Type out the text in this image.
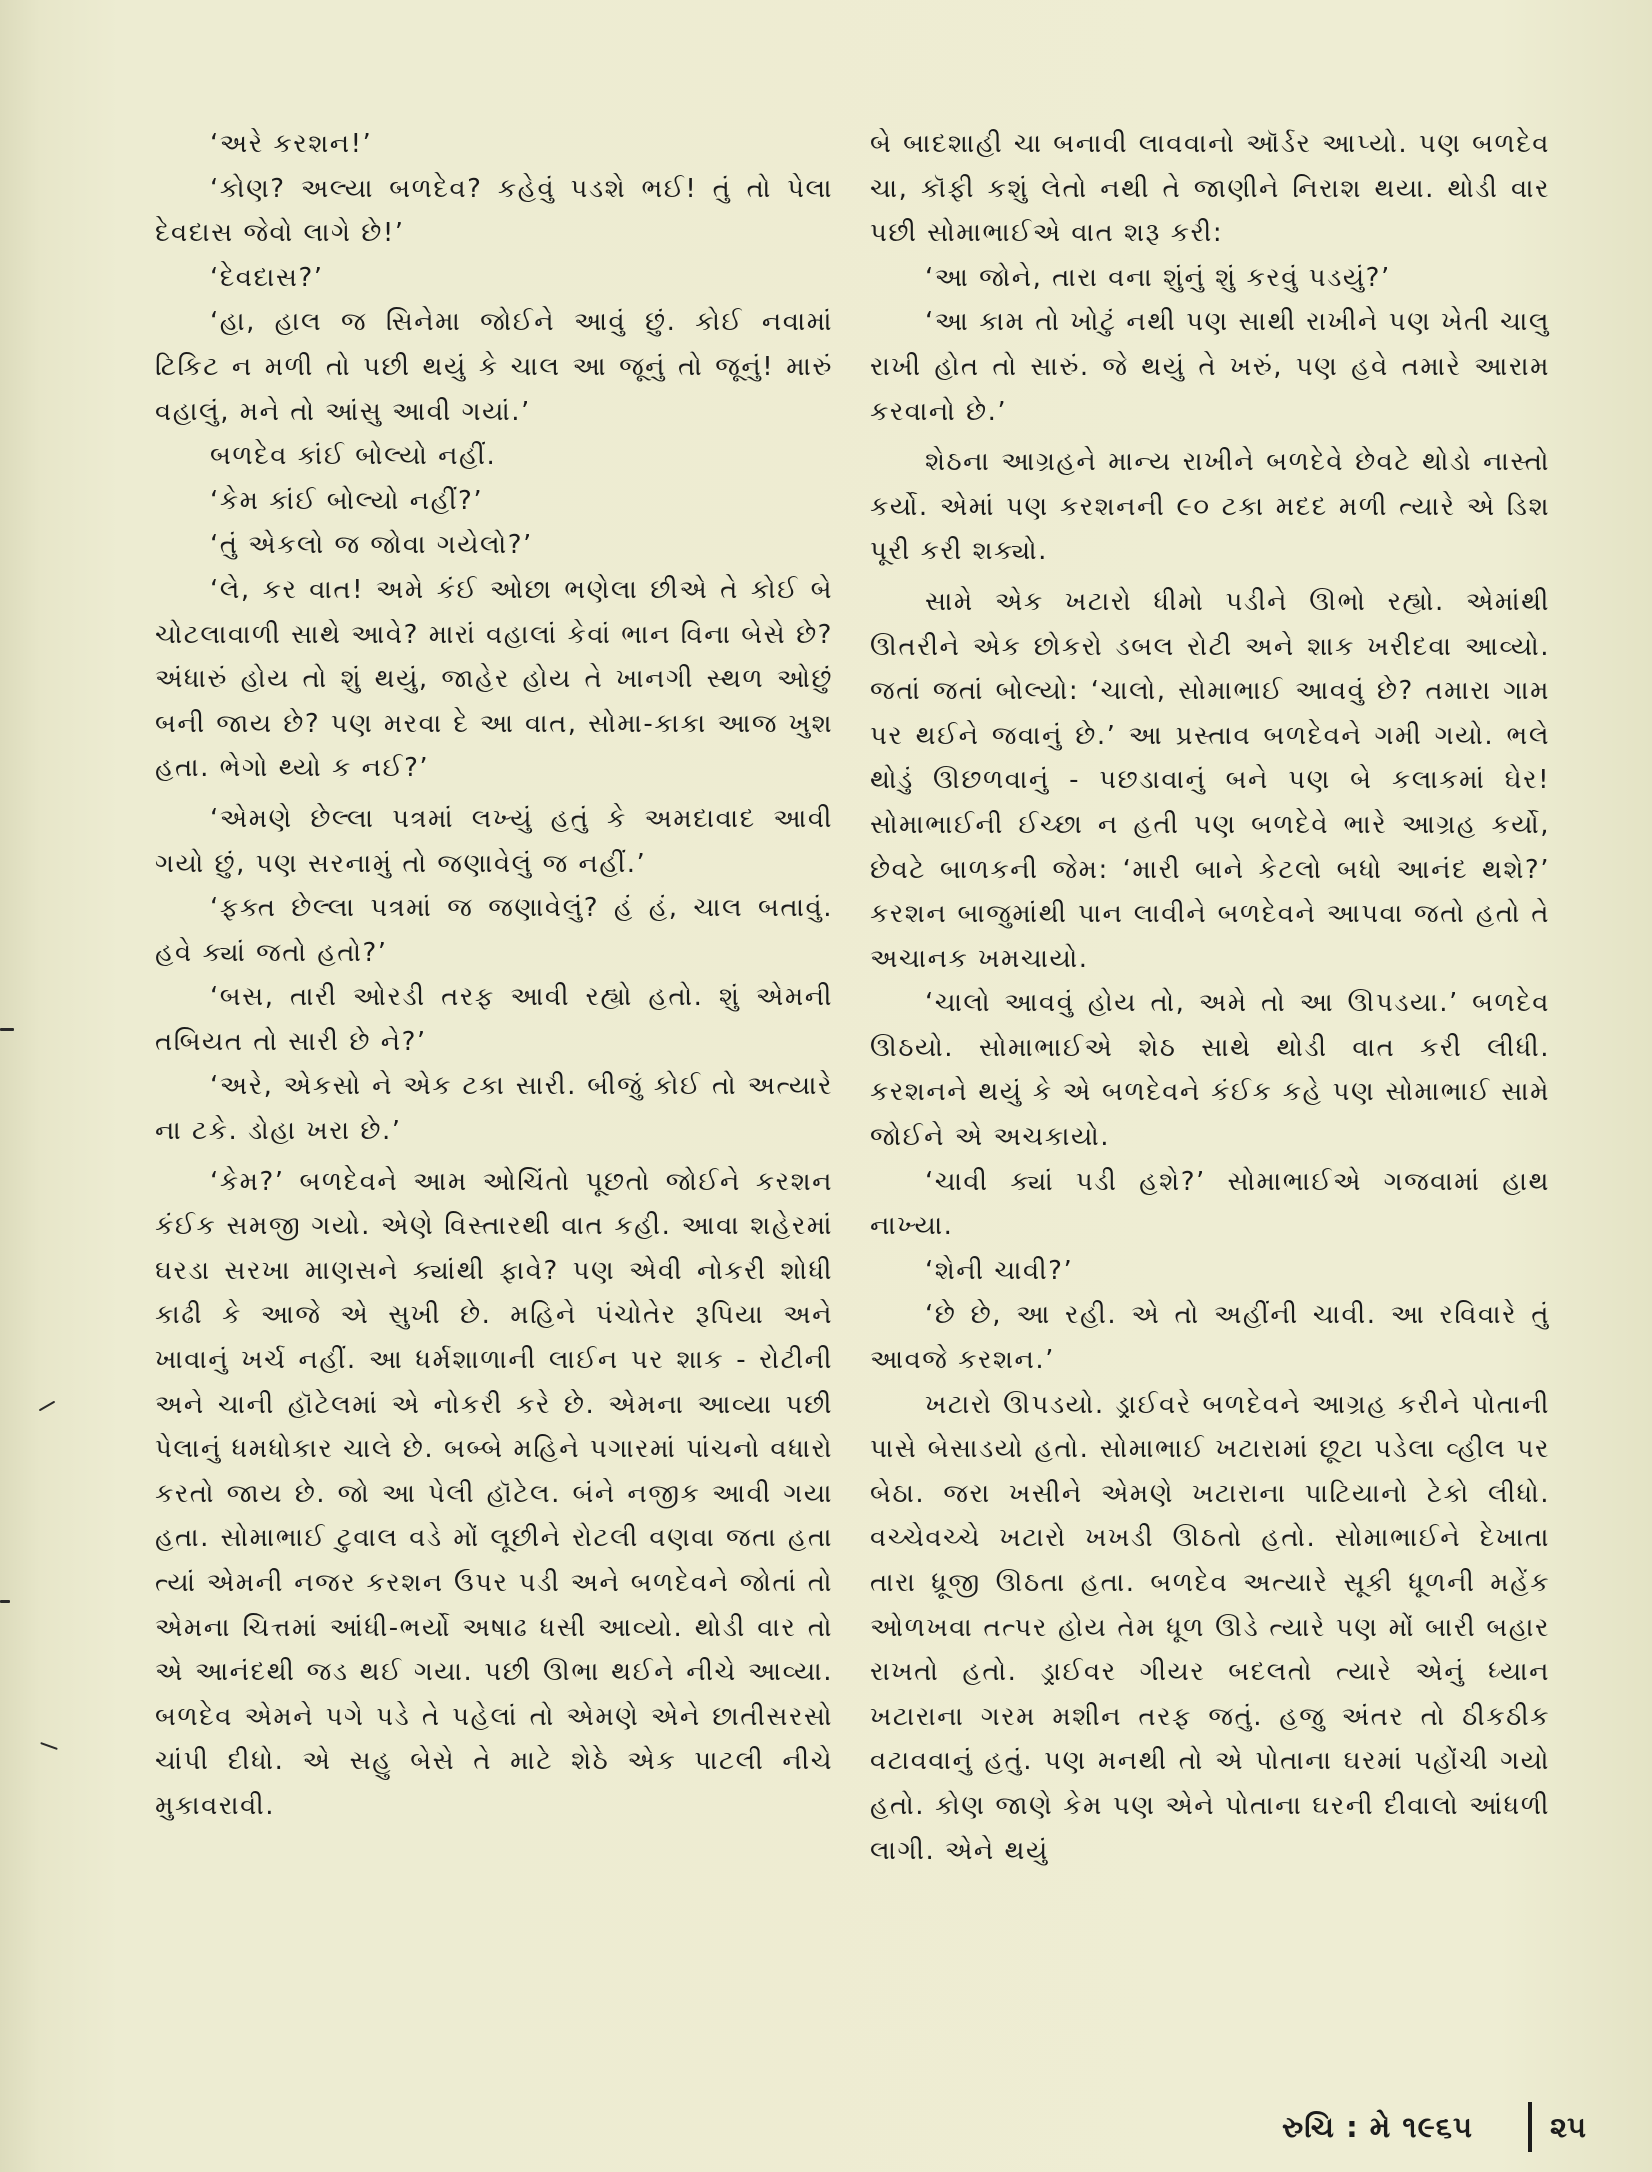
‘અરે કરશન!’

‘કોણ? અલ્યા બળદેવ? કહેવું પડશે ભઈ! તું તો પેલા દેવદાસ જેવો લાગે છે!’

‘દેવદાસ?’

‘હા, હાલ જ સિનેમા જોઈને આવું છું. કોઈ નવામાં ટિકિટ ન મળી તો પછી થયું કે ચાલ આ જૂનું તો જૂનું! મારું વહાલું, મને તો આંસુ આવી ગયાં.’

બળદેવ કાંઈ બોલ્યો નહીં.

‘કેમ કાંઈ બોલ્યો નહીં?’

‘તું એકલો જ જોવા ગયેલો?’

‘લે, કર વાત! અમે કંઈ ઓછા ભણેલા છીએ તે કોઈ બે ચોટલાવાળી સાથે આવે? મારાં વહાલાં કેવાં ભાન વિના બેસે છે? અંધારું હોય તો શું થયું, જાહેર હોય તે ખાનગી સ્થળ ઓછું બની જાય છે? પણ મરવા દે આ વાત, સોમા-કાકા આજ ખુશ હતા. ભેગો થ્યો ક નઈ?’

‘એમણે છેલ્લા પત્રમાં લખ્યું હતું કે અમદાવાદ આવી ગયો છું, પણ સરનામું તો જણાવેલું જ નહીં.’

‘ફક્ત છેલ્લા પત્રમાં જ જણાવેલું? હં હં, ચાલ બતાવું. હવે ક્યાં જતો હતો?’

‘બસ, તારી ઓરડી તરફ આવી રહ્યો હતો. શું એમની તબિયત તો સારી છે ને?’

‘અરે, એકસો ને એક ટકા સારી. બીજું કોઈ તો અત્યારે ના ટકે. ડોહા ખરા છે.’

‘કેમ?’ બળદેવને આમ ઓચિંતો પૂછતો જોઈને કરશન કંઈક સમજી ગયો. એણે વિસ્તારથી વાત કહી. આવા શહેરમાં ઘરડા સરખા માણસને ક્યાંથી ફાવે? પણ એવી નોકરી શોધી કાઢી કે આજે એ સુખી છે. મહિને પંચોતેર રૂપિયા અને ખાવાનું ખર્ચ નહીં. આ ધર્મશાળાની લાઈન પર શાક - રોટીની અને ચાની હૉટેલમાં એ નોકરી કરે છે. એમના આવ્યા પછી પેલાનું ધમધોકાર ચાલે છે. બબ્બે મહિને પગારમાં પાંચનો વધારો કરતો જાય છે. જો આ પેલી હૉટેલ. બંને નજીક આવી ગયા હતા. સોમાભાઈ ટુવાલ વડે મોં લૂછીને રોટલી વણવા જતા હતા ત્યાં એમની નજર કરશન ઉપર પડી અને બળદેવને જોતાં તો એમના ચિત્તમાં આંધી-ભર્યો અષાઢ ધસી આવ્યો. થોડી વાર તો એ આનંદથી જડ થઈ ગયા. પછી ઊભા થઈને નીચે આવ્યા. બળદેવ એમને પગે પડે તે પહેલાં તો એમણે એને છાતીસરસો ચાંપી દીધો. એ સહુ બેસે તે માટે શેઠે એક પાટલી નીચે મુકાવરાવી.

બે બાદશાહી ચા બનાવી લાવવાનો ઑર્ડર આપ્યો. પણ બળદેવ ચા, કૉફી કશું લેતો નથી તે જાણીને નિરાશ થયા. થોડી વાર પછી સોમાભાઈએ વાત શરૂ કરી:

‘આ જોને, તારા વના શુંનું શું કરવું પડયું?’

‘આ કામ તો ખોટું નથી પણ સાથી રાખીને પણ ખેતી ચાલુ રાખી હોત તો સારું. જે થયું તે ખરું, પણ હવે તમારે આરામ કરવાનો છે.’

શેઠના આગ્રહને માન્ય રાખીને બળદેવે છેવટે થોડો નાસ્તો કર્યો. એમાં પણ કરશનની ૯૦ ટકા મદદ મળી ત્યારે એ ડિશ પૂરી કરી શક્યો.

સામે એક ખટારો ધીમો પડીને ઊભો રહ્યો. એમાંથી ઊતરીને એક છોકરો ડબલ રોટી અને શાક ખરીદવા આવ્યો. જતાં જતાં બોલ્યો: ‘ચાલો, સોમાભાઈ આવવું છે? તમારા ગામ પર થઈને જવાનું છે.’ આ પ્રસ્તાવ બળદેવને ગમી ગયો. ભલે થોડું ઊછળવાનું - પછડાવાનું બને પણ બે કલાકમાં ઘેર! સોમાભાઈની ઈચ્છા ન હતી પણ બળદેવે ભારે આગ્રહ કર્યો, છેવટે બાળકની જેમ: ‘મારી બાને કેટલો બધો આનંદ થશે?’ કરશન બાજુમાંથી પાન લાવીને બળદેવને આપવા જતો હતો તે અચાનક ખમચાયો.

‘ચાલો આવવું હોય તો, અમે તો આ ઊપડયા.’ બળદેવ ઊઠયો. સોમાભાઈએ શેઠ સાથે થોડી વાત કરી લીધી. કરશનને થયું કે એ બળદેવને કંઈક કહે પણ સોમાભાઈ સામે જોઈને એ અચકાયો.

‘ચાવી ક્યાં પડી હશે?’ સોમાભાઈએ ગજવામાં હાથ નાખ્યા.

‘શેની ચાવી?’

‘છે છે, આ રહી. એ તો અહીંની ચાવી. આ રવિવારે તું આવજે કરશન.’

ખટારો ઊપડયો. ડ્રાઈવરે બળદેવને આગ્રહ કરીને પોતાની પાસે બેસાડયો હતો. સોમાભાઈ ખટારામાં છૂટા પડેલા વ્હીલ પર બેઠા. જરા ખસીને એમણે ખટારાના પાટિયાનો ટેકો લીધો. વચ્ચેવચ્ચે ખટારો ખખડી ઊઠતો હતો. સોમાભાઈને દેખાતા તારા ધ્રૂજી ઊઠતા હતા. બળદેવ અત્યારે સૂકી ધૂળની મહેંક ઓળખવા તત્પર હોય તેમ ધૂળ ઊડે ત્યારે પણ મોં બારી બહાર રાખતો હતો. ડ્રાઈવર ગીયર બદલતો ત્યારે એનું ધ્યાન ખટારાના ગરમ મશીન તરફ જતું. હજુ અંતર તો ઠીકઠીક વટાવવાનું હતું. પણ મનથી તો એ પોતાના ઘરમાં પહોંચી ગયો હતો. કોણ જાણે કેમ પણ એને પોતાના ઘરની દીવાલો આંધળી લાગી. એને થયું

રુચિ : મે ૧૯૬૫	૨૫
